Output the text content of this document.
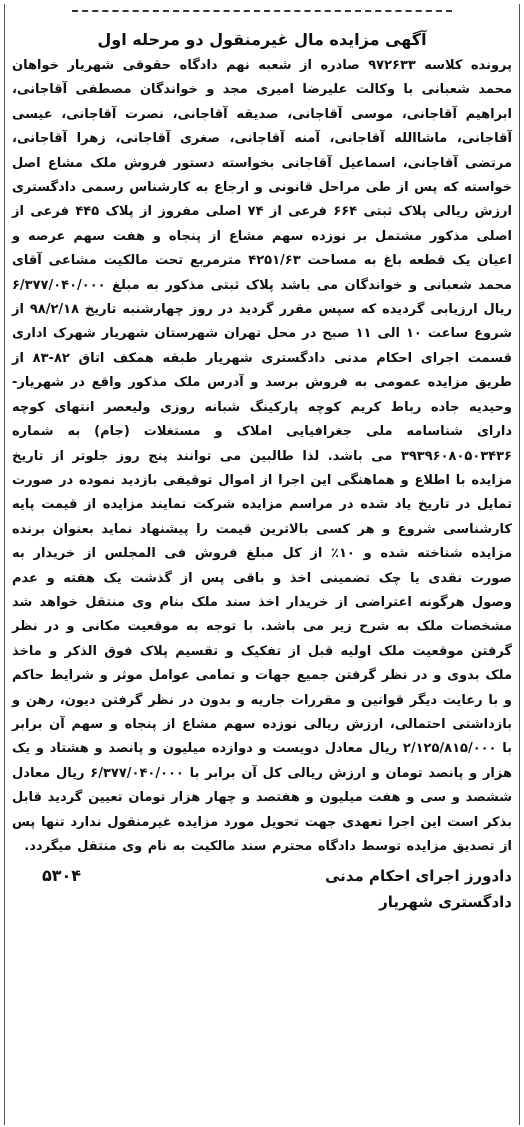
آگهی مزایده مال غیرمنقول دو مرحله اول
پرونده کلاسه ۹۷۲۶۳۳ صادره از شعبه نهم دادگاه حقوقی شهریار خواهان محمد شعبانی با وکالت علیرضا امیری مجد و خواندگان مصطفی آقاجانی، ابراهیم آقاجانی، موسی آقاجانی، صدیقه آقاجانی، نصرت آقاجانی، عیسی آقاجانی، ماشاالله آقاجانی، آمنه آقاجانی، صغری آقاجانی، زهرا آقاجانی، مرتضی آقاجانی، اسماعیل آقاجانی بخواسته دستور فروش ملک مشاع اصل خواسته که پس از طی مراحل قانونی و ارجاع به کارشناس رسمی دادگستری ارزش ریالی پلاک ثبتی ۶۶۴ فرعی از ۷۴ اصلی مفروز از پلاک ۴۴۵ فرعی از اصلی مذکور مشتمل بر نوزده سهم مشاع از پنجاه و هفت سهم عرصه و اعیان یک قطعه باغ به مساحت ۴۲۵۱/۶۳ مترمربع تحت مالکیت مشاعی آقای محمد شعبانی و خواندگان می باشد پلاک ثبتی مذکور به مبلغ ۶/۳۷۷/۰۴۰/۰۰۰ ریال ارزیابی گردیده که سپس مقرر گردید در روز چهارشنبه تاریخ ۹۸/۲/۱۸ از شروع ساعت ۱۰ الی ۱۱ صبح در محل تهران شهرستان شهریار شهرک اداری قسمت اجرای احکام مدنی دادگستری شهریار طبقه همکف اتاق ۸۲-۸۳ از طریق مزایده عمومی به فروش برسد و آدرس ملک مذکور واقع در شهریار- وحیدیه جاده رباط کریم کوچه پارکینگ شبانه روزی ولیعصر انتهای کوچه دارای شناسامه ملی جغرافیایی املاک و مستغلات (جام) به شماره ۳۹۳۹۶۰۸۰۵۰۳۴۳۶ می باشد. لذا طالبین می توانند پنج روز جلوتر از تاریخ مزایده با اطلاع و هماهنگی این اجرا از اموال توقیفی بازدید نموده در صورت تمایل در تاریخ یاد شده در مراسم مزایده شرکت نمایند مزایده از قیمت پایه کارشناسی شروع و هر کسی بالاترین قیمت را پیشنهاد نماید بعنوان برنده مزایده شناخته شده و ۱۰٪ از کل مبلغ فروش فی المجلس از خریدار به صورت نقدی یا چک تضمینی اخذ و باقی پس از گذشت یک هفته و عدم وصول هرگونه اعتراضی از خریدار اخذ سند ملک بنام وی منتقل خواهد شد مشخصات ملک به شرح زیر می باشد. با توجه به موقعیت مکانی و در نظر گرفتن موقعیت ملک اولیه قبل از تفکیک و تقسیم پلاک فوق الذکر و ماخذ ملک بدوی و در نظر گرفتن جمیع جهات و تمامی عوامل موثر و شرایط حاکم و با رعایت دیگر قوانین و مقررات جاریه و بدون در نظر گرفتن دیون، رهن و بازداشتی احتمالی، ارزش ریالی نوزده سهم مشاع از پنجاه و سهم آن برابر با ۲/۱۲۵/۸۱۵/۰۰۰ ریال معادل دویست و دوازده میلیون و پانصد و هشتاد و یک هزار و پانصد تومان و ارزش ریالی کل آن برابر با ۶/۳۷۷/۰۴۰/۰۰۰ ریال معادل ششصد و سی و هفت میلیون و هفتصد و چهار هزار تومان تعیین گردید قابل بذکر است این اجرا تعهدی جهت تحویل مورد مزایده غیرمنقول ندارد تنها پس از تصدیق مزایده توسط دادگاه محترم سند مالکیت به نام وی منتقل میگردد.
دادورز اجرای احکام مدنی
دادگستری شهریار
۵۳۰۴
